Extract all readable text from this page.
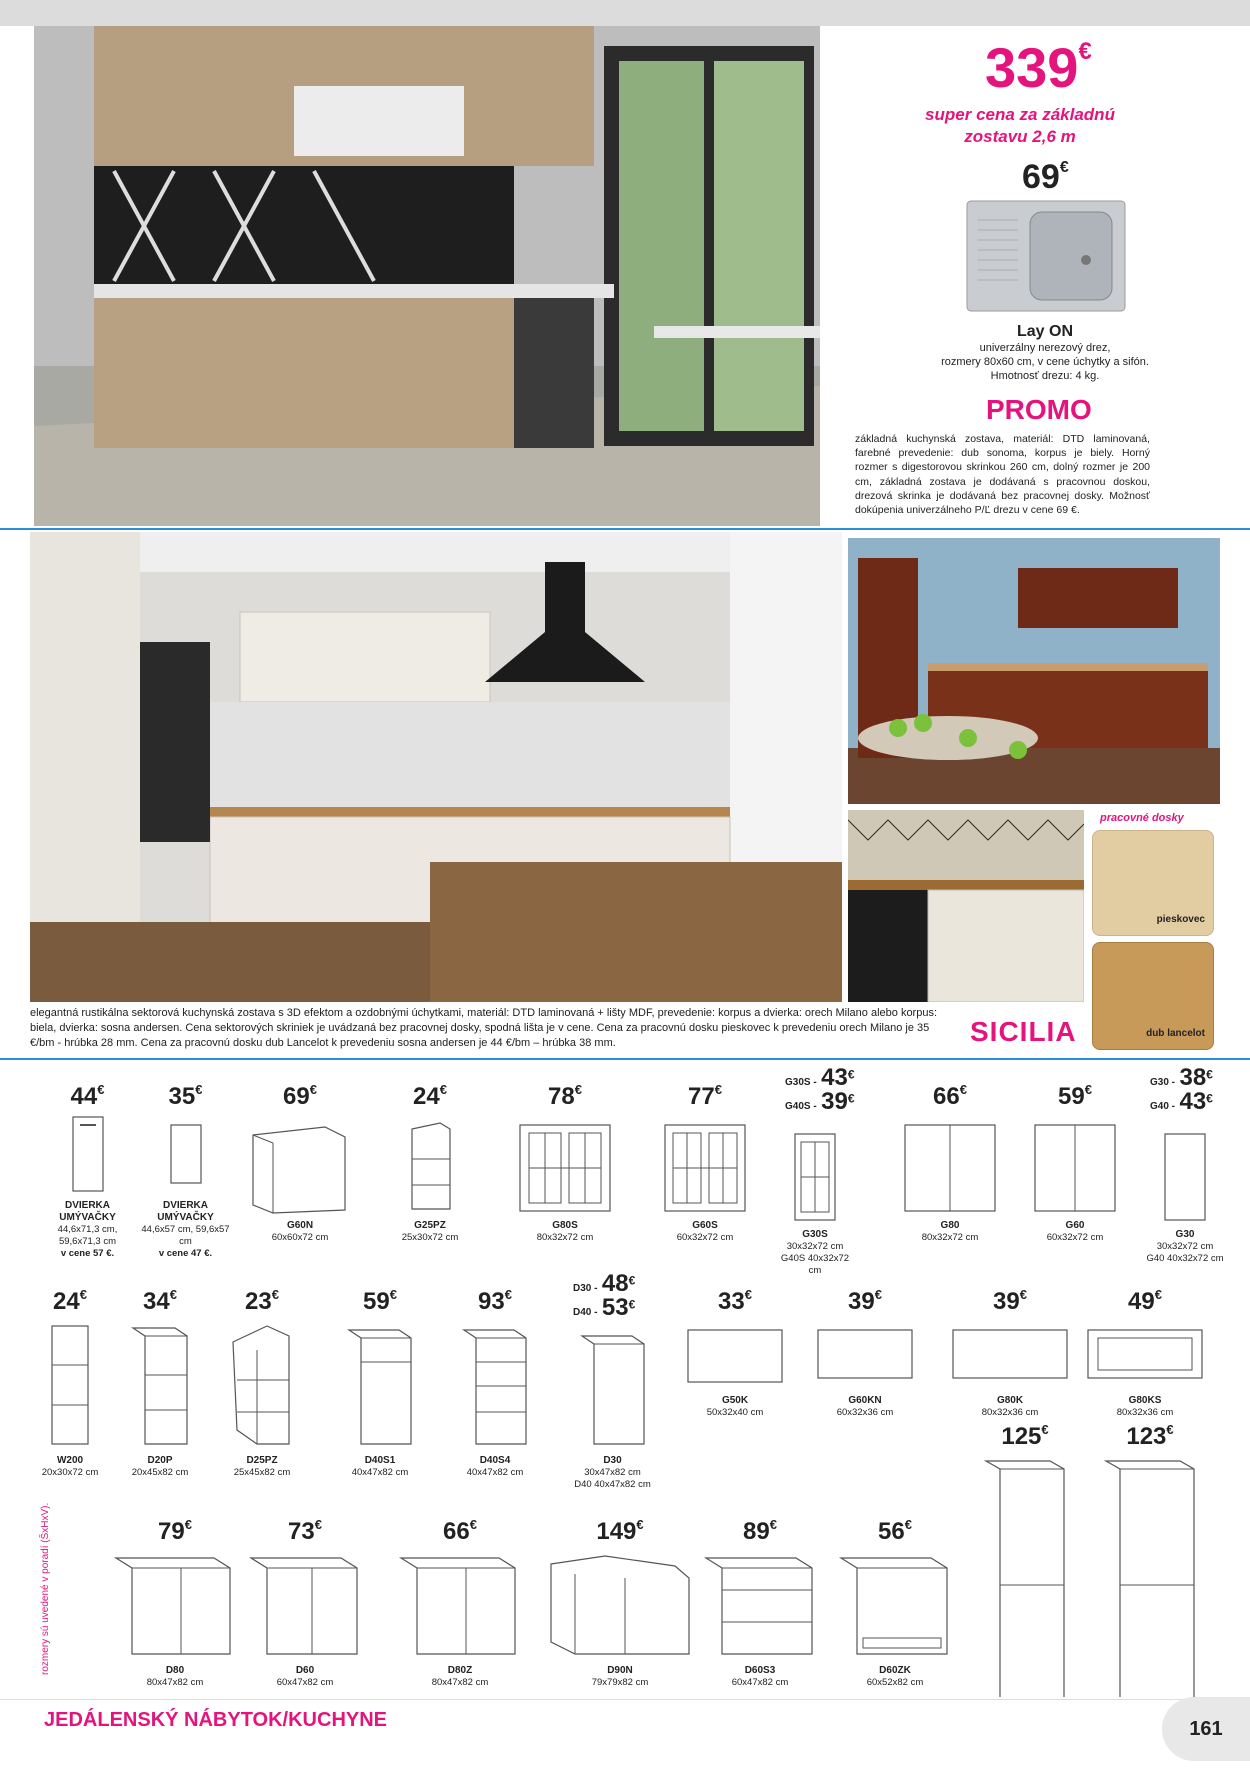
339€
super cena za základnú
zostavu 2,6 m
69€
Lay ON
univerzálny nerezový drez,
rozmery 80x60 cm, v cene úchytky a sifón.
Hmotnosť drezu: 4 kg.
PROMO
základná kuchynská zostava, materiál: DTD laminovaná, farebné prevedenie: dub sonoma, korpus je biely. Horný rozmer s digestorovou skrinkou 260 cm, dolný rozmer je 200 cm, základná zostava je dodávaná s pracovnou doskou, drezová skrinka je dodávaná bez pracovnej dosky. Možnosť dokúpenia univerzálneho P/Ľ drezu v cene 69 €.
pracovné dosky
pieskovec
dub lancelot
elegantná rustikálna sektorová kuchynská zostava s 3D efektom a ozdobnými úchytkami, materiál: DTD laminovaná + lišty MDF, prevedenie: korpus a dvierka: orech Milano alebo korpus: biela, dvierka: sosna andersen. Cena sektorových skriniek je uvádzaná bez pracovnej dosky, spodná lišta je v cene. Cena za pracovnú dosku pieskovec k prevedeniu orech Milano je 35 €/bm - hrúbka 28 mm. Cena za pracovnú dosku dub Lancelot k prevedeniu sosna andersen je 44 €/bm – hrúbka 38 mm.	SICILIA
44€
DVIERKA UMÝVAČKY
44,6x71,3 cm, 59,6x71,3 cm
v cene 57 €.
35€
DVIERKA UMÝVAČKY
44,6x57 cm, 59,6x57 cm
v cene 47 €.
69€
G60N
60x60x72 cm
24€
G25PZ
25x30x72 cm
78€
G80S
80x32x72 cm
77€
G60S
60x32x72 cm
G30S - 43€
G40S - 39€
G30S
30x32x72 cm
G40S 40x32x72 cm
66€
G80
80x32x72 cm
59€
G60
60x32x72 cm
G30 - 38€
G40 - 43€
G30
30x32x72 cm
G40 40x32x72 cm
24€
W200
20x30x72 cm
34€
D20P
20x45x82 cm
23€
D25PZ
25x45x82 cm
59€
D40S1
40x47x82 cm
93€
D40S4
40x47x82 cm
D30 - 48€
D40 - 53€
D30
30x47x82 cm
D40 40x47x82 cm
33€
G50K
50x32x40 cm
39€
G60KN
60x32x36 cm
39€
G80K
80x32x36 cm
49€
G80KS
80x32x36 cm
125€	123€
79€
D80
80x47x82 cm
73€
D60
60x47x82 cm
66€
D80Z
80x47x82 cm
149€
D90N
79x79x82 cm
89€
D60S3
60x47x82 cm
56€
D60ZK
60x52x82 cm
rozmery sú uvedené v poradí (ŠxHxV).
JEDÁLENSKÝ NÁBYTOK/KUCHYNE	161
